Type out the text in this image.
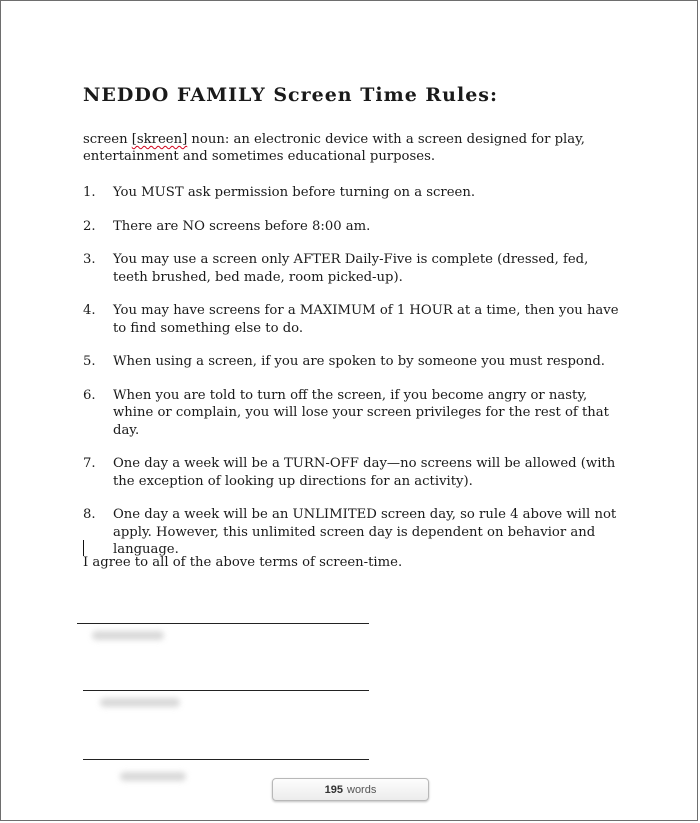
NEDDO FAMILY Screen Time Rules:

screen [skreen] noun: an electronic device with a screen designed for play, entertainment and sometimes educational purposes.

1. You MUST ask permission before turning on a screen.
2. There are NO screens before 8:00 am.
3. You may use a screen only AFTER Daily-Five is complete (dressed, fed, teeth brushed, bed made, room picked-up).
4. You may have screens for a MAXIMUM of 1 HOUR at a time, then you have to find something else to do.
5. When using a screen, if you are spoken to by someone you must respond.
6. When you are told to turn off the screen, if you become angry or nasty, whine or complain, you will lose your screen privileges for the rest of that day.
7. One day a week will be a TURN-OFF day—no screens will be allowed (with the exception of looking up directions for an activity).
8. One day a week will be an UNLIMITED screen day, so rule 4 above will not apply. However, this unlimited screen day is dependent on behavior and language.
I agree to all of the above terms of screen-time.
195 words
